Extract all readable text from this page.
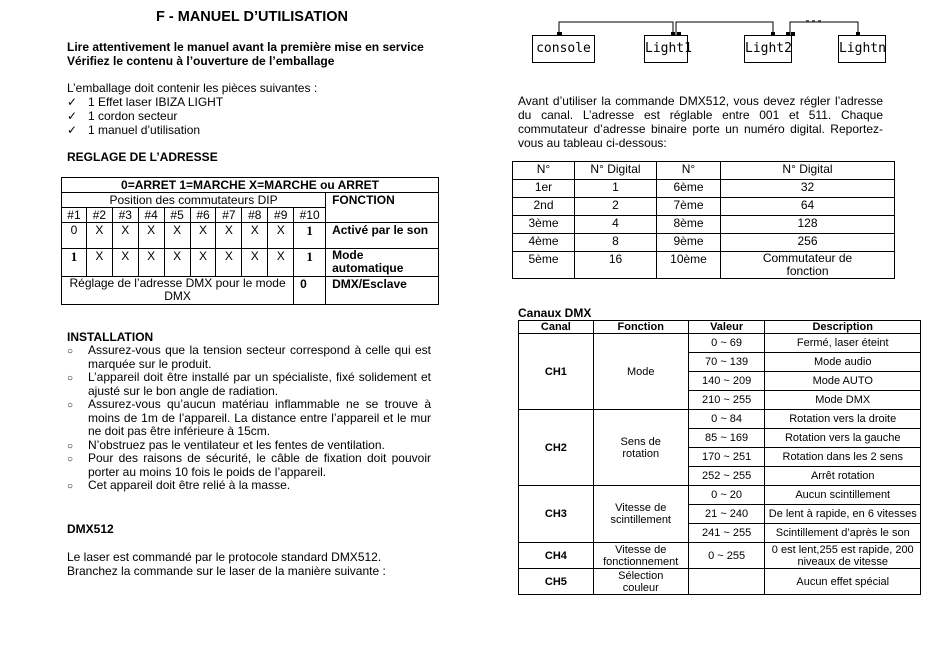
F - MANUEL D’UTILISATION
Lire attentivement le manuel avant la première mise en service
Vérifiez le contenu à l’ouverture de l’emballage
L’emballage doit contenir les pièces suivantes :
✓ 1 Effet laser IBIZA LIGHT
✓ 1 cordon secteur
✓ 1 manuel d’utilisation
REGLAGE DE L’ADRESSE
0=ARRET 1=MARCHE X=MARCHE ou ARRET										
Position des commutateurs DIP										FONCTION
#1	#2	#3	#4	#5	#6	#7	#8	#9	#10	
0	X	X	X	X	X	X	X	X	1	Activé par le son
1	X	X	X	X	X	X	X	X	1	Mode automatique
Réglage de l’adresse DMX pour le mode DMX									0	DMX/Esclave
INSTALLATION
○ Assurez-vous que la tension secteur correspond à celle qui est marquée sur le produit.
○ L’appareil doit être installé par un spécialiste, fixé solidement et ajusté sur le bon angle de radiation.
○ Assurez-vous qu’aucun matériau inflammable ne se trouve à moins de 1m de l’appareil. La distance entre l’appareil et le mur ne doit pas être inférieure à 15cm.
○ N’obstruez pas le ventilateur et les fentes de ventilation.
○ Pour des raisons de sécurité, le câble de fixation doit pouvoir porter au moins 10 fois le poids de l’appareil.
○ Cet appareil doit être relié à la masse.
DMX512
Le laser est commandé par le protocole standard DMX512. Branchez la commande sur le laser de la manière suivante :
console	Light1	Light2	Lightn
Avant d’utiliser la commande DMX512, vous devez régler l’adresse du canal. L’adresse est réglable entre 001 et 511. Chaque commutateur d’adresse binaire porte un numéro digital. Reportez-vous au tableau ci-dessous:
N°	N° Digital	N°	N° Digital
1er	1	6ème	32
2nd	2	7ème	64
3ème	4	8ème	128
4ème	8	9ème	256
5ème	16	10ème	Commutateur de fonction
Canaux DMX
Canal	Fonction	Valeur	Description
CH1	Mode	0 ~ 69	Fermé, laser éteint
		70 ~ 139	Mode audio
		140 ~ 209	Mode AUTO
		210 ~ 255	Mode DMX
CH2	Sens de rotation	0 ~ 84	Rotation vers la droite
		85 ~ 169	Rotation vers la gauche
		170 ~ 251	Rotation dans les 2 sens
		252 ~ 255	Arrêt rotation
CH3	Vitesse de scintillement	0 ~ 20	Aucun scintillement
		21 ~ 240	De lent à rapide, en 6 vitesses
		241 ~ 255	Scintillement d’après le son
CH4	Vitesse de fonctionnement	0 ~ 255	0 est lent,255 est rapide, 200 niveaux de vitesse
CH5	Sélection couleur		Aucun effet spécial
